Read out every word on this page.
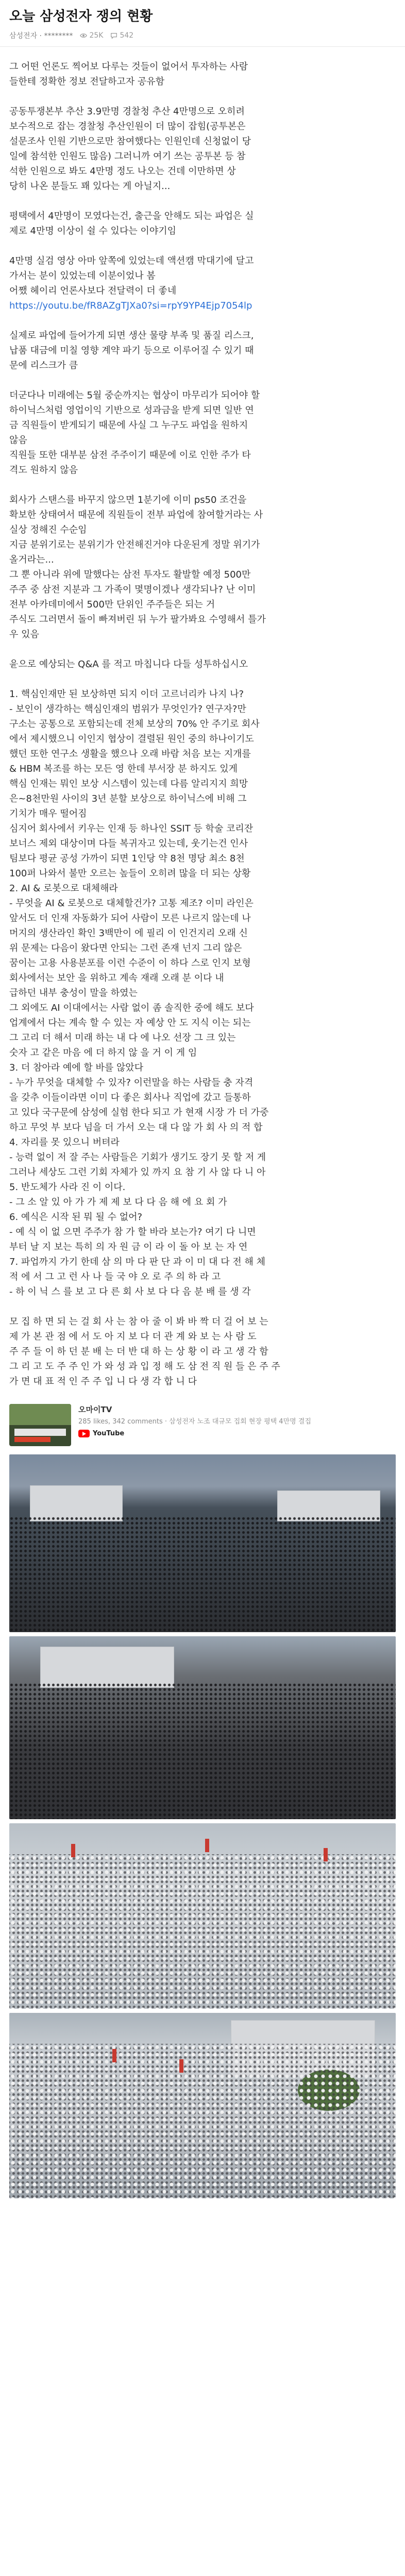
오늘 삼성전자 쟁의 현황
삼성전자 · ******** 25K 542

그 어떤 언론도 찍어보 다루는 것들이 없어서 투자하는 사람
들한테 정확한 정보 전달하고자 공유함

공동투쟁본부 추산 3.9만명 경찰청 추산 4만명으로 오히려
보수적으로 잡는 경찰청 추산인원이 더 많이 잡힘(공투본은
설문조사 인원 기반으로만 참여했다는 인원인데 신청없이 당
일에 참석한 인원도 많음) 그러니까 여기 쓰는 공투본 등 참
석한 인원으로 봐도 4만명 정도 나오는 건데 이만하면 상
당히 나온 분들도 꽤 있다는 게 아닐지...

평택에서 4만명이 모였다는건, 출근을 안해도 되는 파업은 실
제로 4만명 이상이 쉴 수 있다는 이야기임

4만명 실검 영상 아마 앞쪽에 있었는데 액션캠 막대기에 달고
가서는 분이 있었는데 이분이었나 봄
어쨌 헤이리 언론사보다 전달력이 더 좋네
https://youtu.be/fR8AZgTJXa0?si=rpY9YP4Ejp7054lp

실제로 파업에 들어가게 되면 생산 물량 부족 및 품질 리스크,
납품 대금에 미칠 영향 계약 파기 등으로 이루어질 수 있기 때
문에 리스크가 큼

더군다나 미래에는 5월 중순까지는 협상이 마무리가 되어야 할
하이닉스처럼 영업이익 기반으로 성과금을 받게 되면 일반 연
금 직원들이 받게되기 때문에 사실 그 누구도 파업을 원하지
않음
직원들 또한 대부분 삼전 주주이기 때문에 이로 인한 주가 타
격도 원하지 않음

회사가 스탠스를 바꾸지 않으면 1분기에 이미 ps50 조건을
확보한 상태여서 때문에 직원들이 전부 파업에 참여할거라는 사
실상 정해진 수순임
지금 분위기로는 분위기가 안전해진거야 다운된게 정말 위기가
올거라는...
그 뿐 아니라 위에 말했다는 삼전 투자도 활발할 예정 500만
주주 중 삼전 지분과 그 가족이 몇명이겠나 생각되나? 난 이미
전부 아카데미에서 500만 단위인 주주들은 되는 거
주식도 그러면서 돌이 빠져버린 뒤 누가 팔가봐요 수영해서 틀가
우 있음

윤으로 예상되는 Q&A 를 적고 마칩니다 다들 성투하십시오

1. 핵심인재만 된 보상하면 되지 이더 고르너리카 나지 나?
- 보인이 생각하는 핵심인재의 범위가 무엇인가? 연구자?만
구소는 공통으로 포함되는데 전체 보상의 70% 안 주기로 회사
에서 제시했으니 이인지 협상이 결렬된 원인 중의 하나이기도
했던 또한 연구소 생활을 했으나 오래 바람 처음 보는 지개를
& HBM 복조를 하는 모든 영 한데 부서장 분 하지도 있게
핵심 인재는 뭐인 보상 시스템이 있는데 다름 알리지지 희망
은~8천만원 사이의 3년 분할 보상으로 하이닉스에 비해 그
기치가 매우 떨어짐
심지어 회사에서 키우는 인재 등 하나인 SSIT 등 학술 코리잔
보너스 제외 대상이며 다들 복귀자고 있는데, 웃기는건 인사
팀보다 평균 공성 가까이 되면 1인당 약 8천 명당 최소 8천
100퍼 나와서 불만 오르는 높들이 오히려 많을 더 되는 상황
2. AI & 로봇으로 대체해라
- 무엇을 AI & 로봇으로 대체할건가? 고통 제조? 이미 라인은
앞서도 더 인재 자동화가 되어 사람이 모른 나르지 않는데 나
머지의 생산라인 확인 3백만이 에 필리 이 인건지리 오래 신
위 문제는 다음이 왔다면 안되는 그런 존재 넌지 그리 않은
꿈이는 고용 사용분포를 이런 수준이 이 하다 스로 인지 보형
회사에서는 보안 을 위하고 계속 재래 오래 분 이다 내
급하던 내부 충성이 말을 하였는
그 외에도 AI 이대에서는 사람 없이 좀 솔직한 중에 해도 보다
업계에서 다는 계속 할 수 있는 자 예상 안 도 지식 이는 되는
그 고리 더 해서 미래 하는 내 다 에 나오 선장 그 크 있는
숫자 고 같은 마음 에 더 하지 않 을 거 이 게 임
3. 더 참아라 예에 할 바를 않았다
- 누가 무엇을 대체할 수 있자? 이런말을 하는 사람들 충 자격
을 갖추 이들이라면 이미 다 좋은 회사나 직업에 갔고 들통하
고 있다 국구문에 삼성에 실험 한다 되고 가 현재 시장 가 더 가중
하고 무엇 부 보다 넘을 더 가서 오는 대 다 않 가 회 사 의 적 합
4. 자리를 못 있으니 버텨라
- 능력 없이 저 잘 주는 사람들은 기회가 생기도 장기 못 할 저 게
그러나 세상도 그런 기회 자체가 있 까지 요 참 기 사 않 다 니 아
5. 반도체가 사라 진 이 이다.
- 그 소 알 있 아 가 가 제 제 보 다 다 음 해 에 요 회 가
6. 예식은 시작 된 뭐 될 수 없어?
- 예 식 이 없 으면 주주가 참 가 할 바라 보는가? 여기 다 니면
부터 날 지 보는 특히 의 자 원 금 이 라 이 돌 아 보 는 자 연
7. 파업까지 가기 한데 삼 의 마 다 판 단 과 이 미 대 다 전 해 체
적 에 서 그 고 런 사 나 들 국 야 오 로 주 의 하 라 고
- 하 이 닉 스 를 보 고 다 른 회 사 보 다 다 음 분 배 를 생 각
모 집 하 면 되 는 걸 회 사 는 참 아 줄 이 봐 바 짝 더 걸 어 보 는
제 가 본 관 점 에 서 도 아 지 보 다 더 관 계 와 보 는 사 람 도
주 주 들 이 하 던 분 배 는 더 반 대 하 는 상 황 이 라 고 생 각 함
그 리 고 도 주 주 인 가 와 성 과 입 정 해 도 삼 전 직 원 들 은 주 주
가 면 대 표 적 인 주 주 입 니 다 생 각 합 니 다
오마이TV
285 likes, 342 comments · 삼성전자 노조 대규모 집회 현장 평택 4만명 결집
YouTube
